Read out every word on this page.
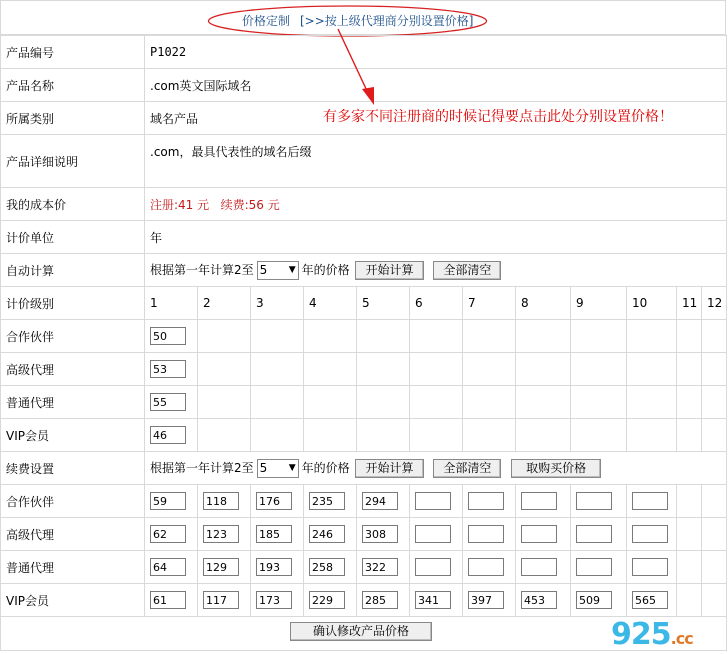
价格定制 [>>按上级代理商分别设置价格]
产品编号	P1022											
产品名称	.com英文国际域名											
所属类别	域名产品											
产品详细说明	.com，最具代表性的域名后缀											
我的成本价	注册:41 元 续费:56 元											
计价单位	年											
自动计算	根据第一年计算2至 5 ▼ 年的价格 开始计算 全部清空											
计价级别	1	2	3	4	5	6	7	8	9	10	11	12
合作伙伴	50											
高级代理	53											
普通代理	55											
VIP会员	46											
续费设置	根据第一年计算2至 5 ▼ 年的价格 开始计算 全部清空 取购买价格											
合作伙伴	59	118	176	235	294							
高级代理	62	123	185	246	308							
普通代理	64	129	193	258	322							
VIP会员	61	117	173	229	285	341	397	453	509	565		

确认修改产品价格
有多家不同注册商的时候记得要点击此处分别设置价格！
925.cc
